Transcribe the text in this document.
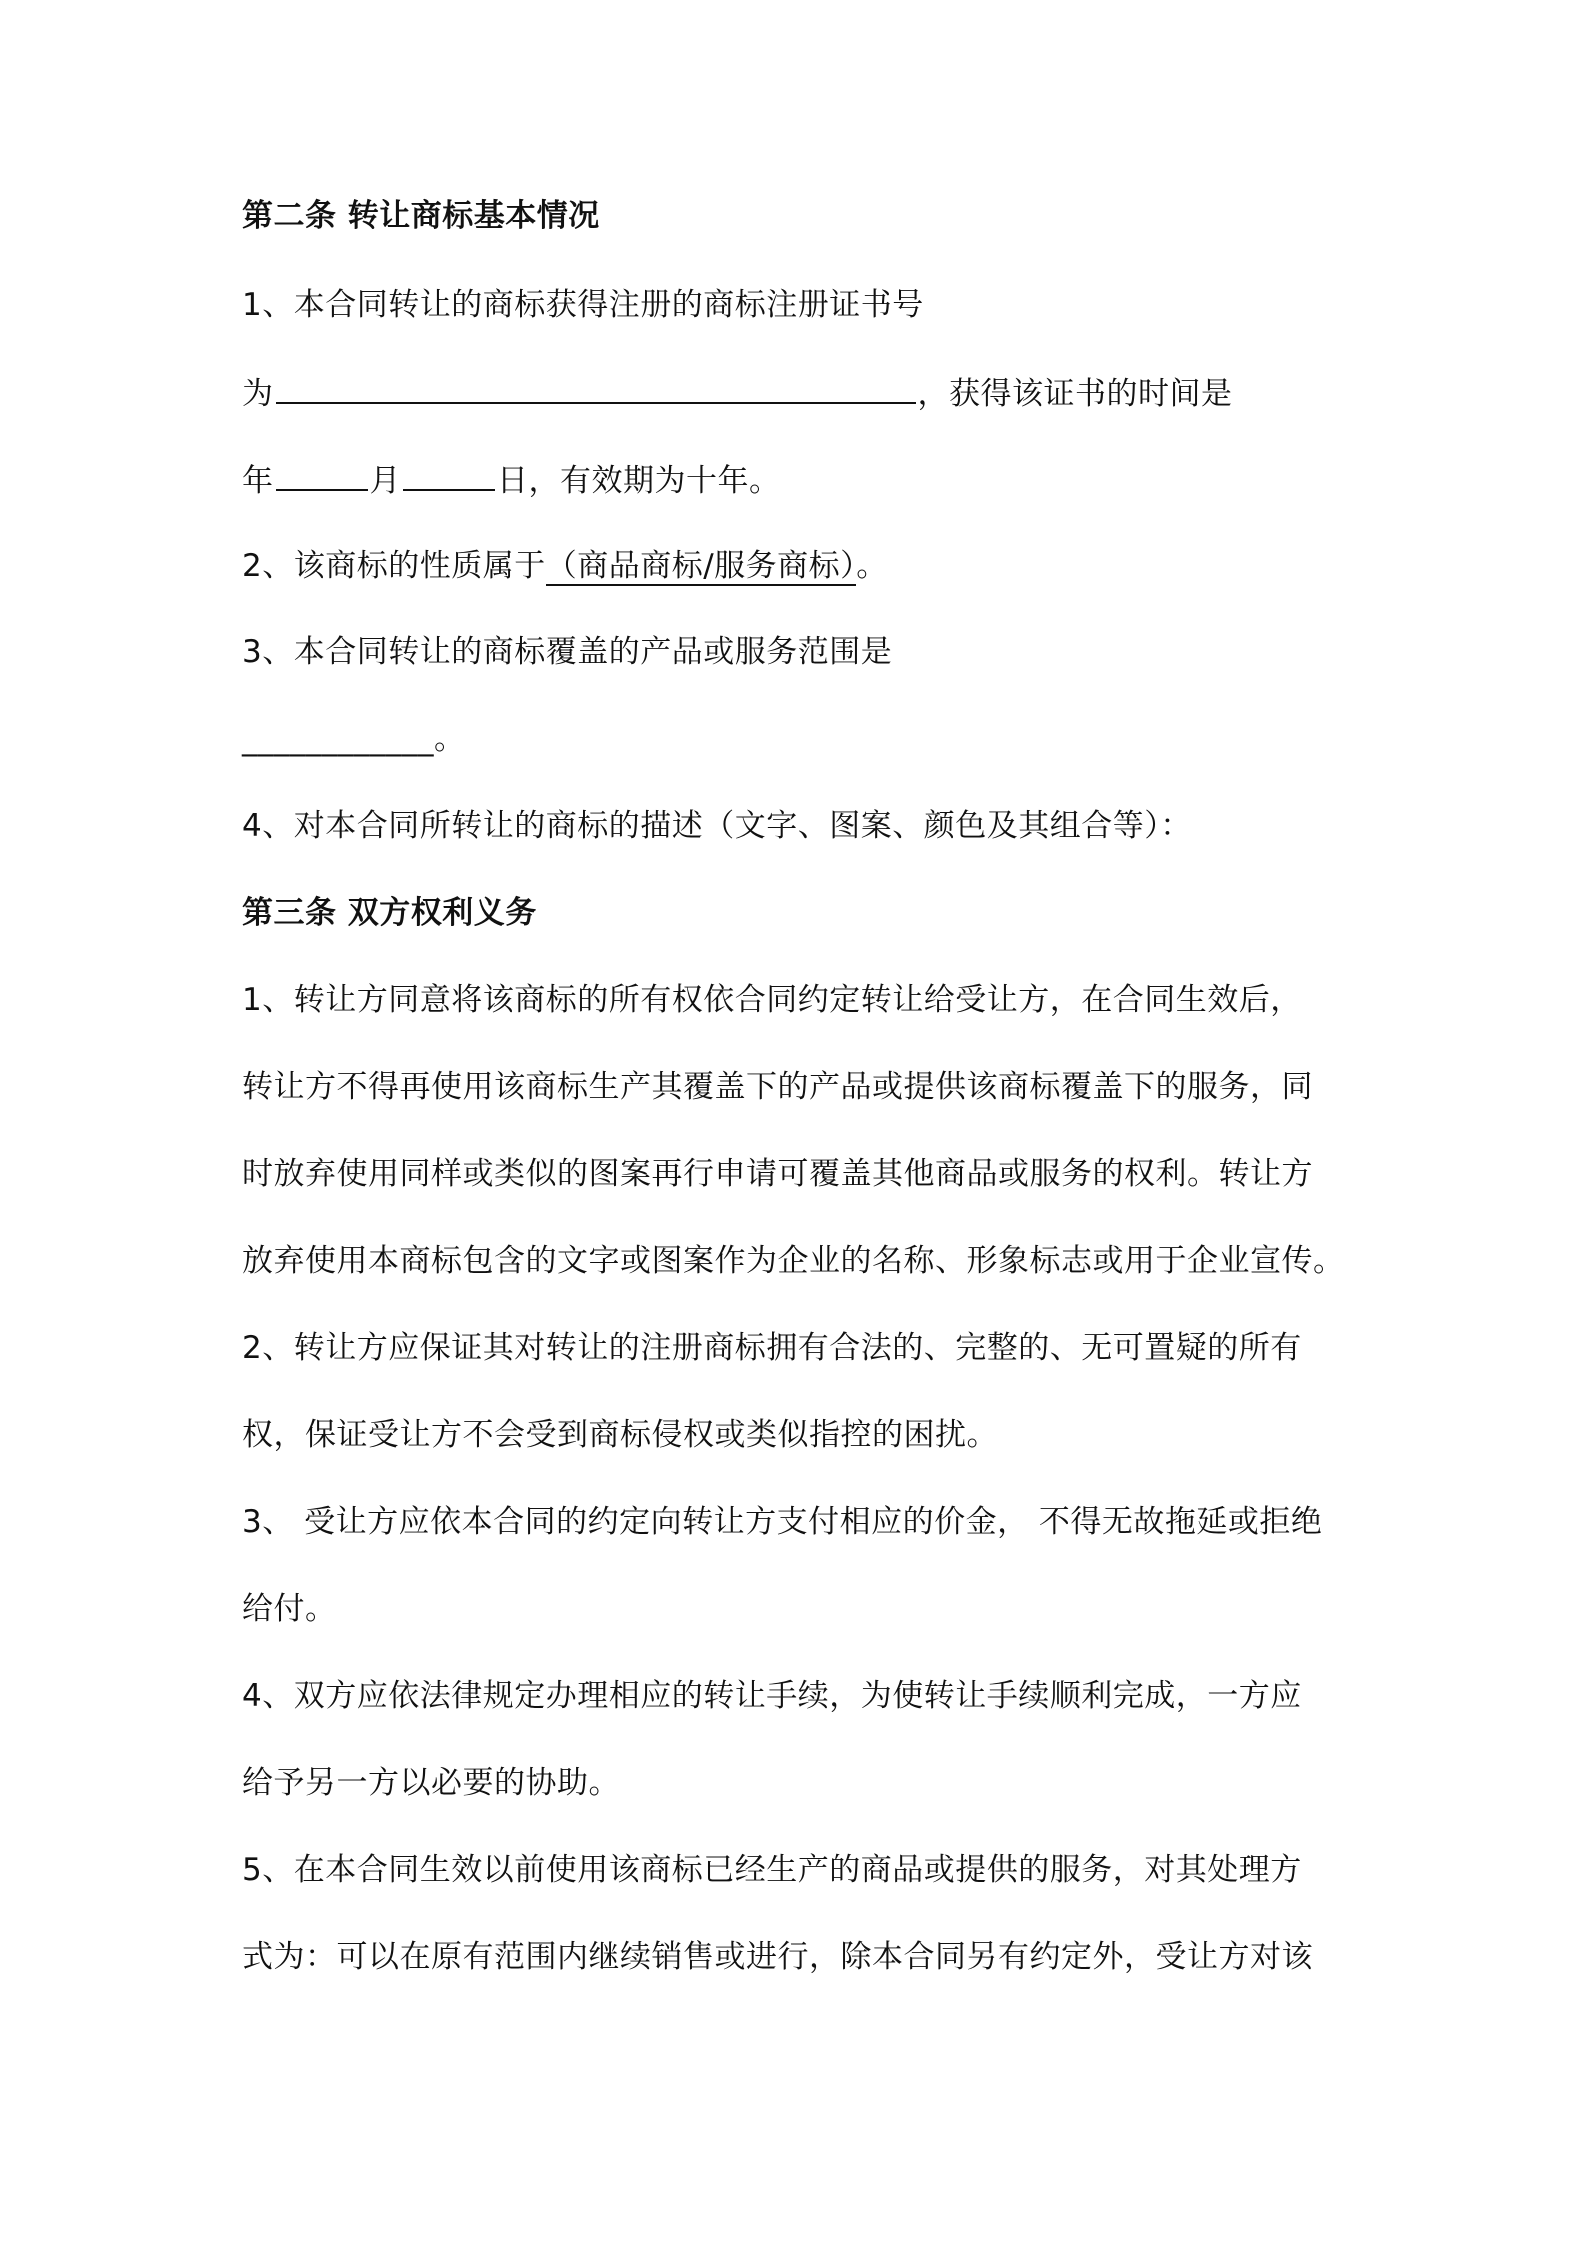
第二条 转让商标基本情况
1、本合同转让的商标获得注册的商标注册证书号
为	，获得该证书的时间是
年	月	日，有效期为十年。
2、该商标的性质属于（商品商标/服务商标）。
3、本合同转让的商标覆盖的产品或服务范围是
____________。
4、对本合同所转让的商标的描述（文字、图案、颜色及其组合等）：
第三条 双方权利义务
1、转让方同意将该商标的所有权依合同约定转让给受让方，在合同生效后，
转让方不得再使用该商标生产其覆盖下的产品或提供该商标覆盖下的服务，同
时放弃使用同样或类似的图案再行申请可覆盖其他商品或服务的权利。转让方
放弃使用本商标包含的文字或图案作为企业的名称、形象标志或用于企业宣传。
2、转让方应保证其对转让的注册商标拥有合法的、完整的、无可置疑的所有
权，保证受让方不会受到商标侵权或类似指控的困扰。
3、 受让方应依本合同的约定向转让方支付相应的价金， 不得无故拖延或拒绝
给付。
4、双方应依法律规定办理相应的转让手续，为使转让手续顺利完成，一方应
给予另一方以必要的协助。
5、在本合同生效以前使用该商标已经生产的商品或提供的服务，对其处理方
式为：可以在原有范围内继续销售或进行，除本合同另有约定外，受让方对该
